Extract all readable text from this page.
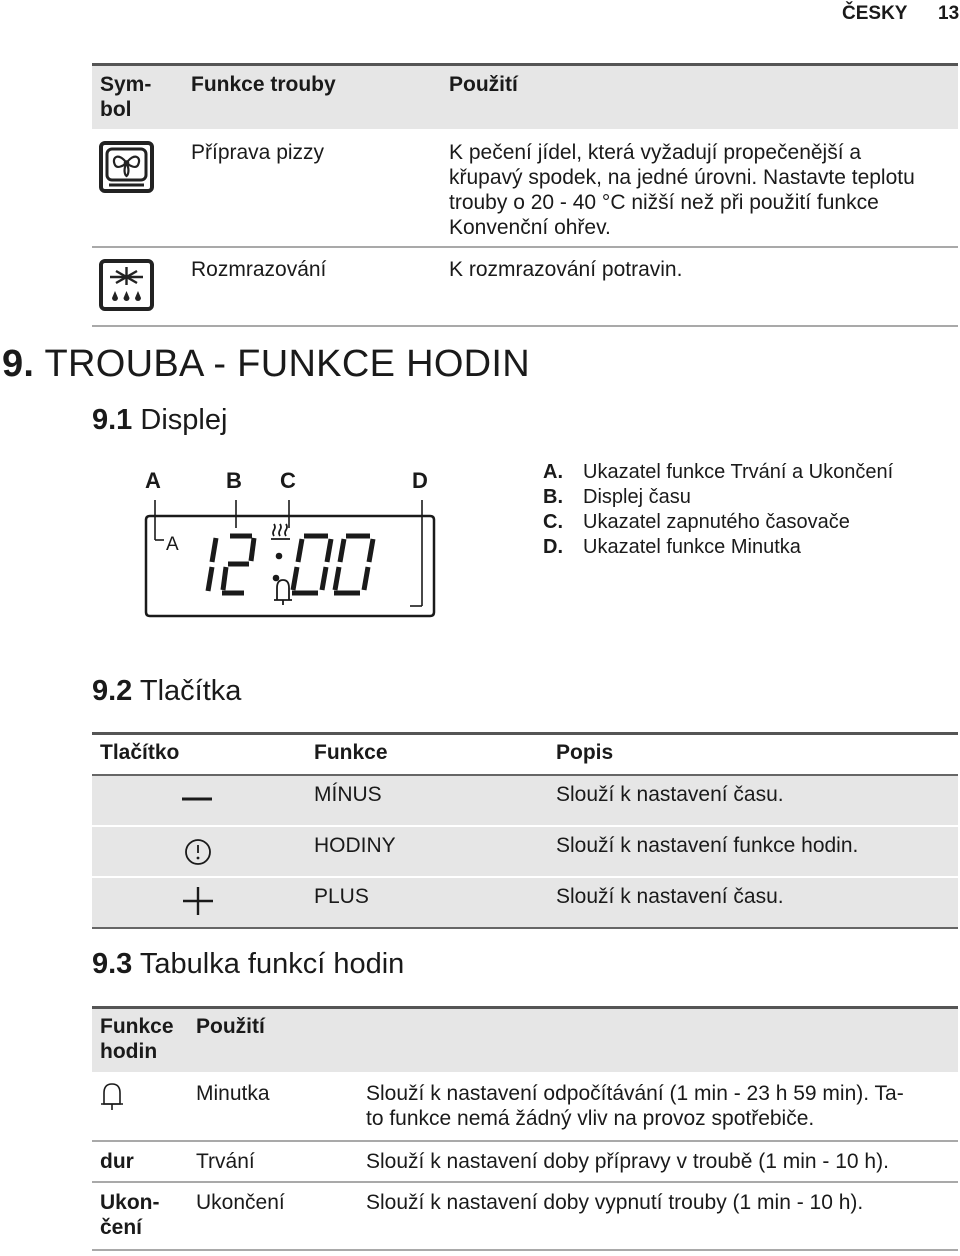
ČESKY 13
Sym-
bol
Funkce trouby	Použití
Příprava pizzy	K pečení jídel, která vyžadují propečenější a
křupavý spodek, na jedné úrovni. Nastavte teplotu
trouby o 20 - 40 °C nižší než při použití funkce
Konvenční ohřev.
Rozmrazování	K rozmrazování potravin.
9. TROUBA - FUNKCE HODIN
9.1 Displej
A	B C	D
A
A. Ukazatel funkce Trvání a Ukončení
B. Displej času
C. Ukazatel zapnutého časovače
D. Ukazatel funkce Minutka
9.2 Tlačítka
Tlačítko	Funkce	Popis
MÍNUS	Slouží k nastavení času.
HODINY	Slouží k nastavení funkce hodin.
PLUS	Slouží k nastavení času.
9.3 Tabulka funkcí hodin
Funkce
hodin
Použití
Minutka	Slouží k nastavení odpočítávání (1 min - 23 h 59 min). Ta-
to funkce nemá žádný vliv na provoz spotřebiče.
dur	Trvání	Slouží k nastavení doby přípravy v troubě (1 min - 10 h).
Ukon-
čení
Ukončení	Slouží k nastavení doby vypnutí trouby (1 min - 10 h).
